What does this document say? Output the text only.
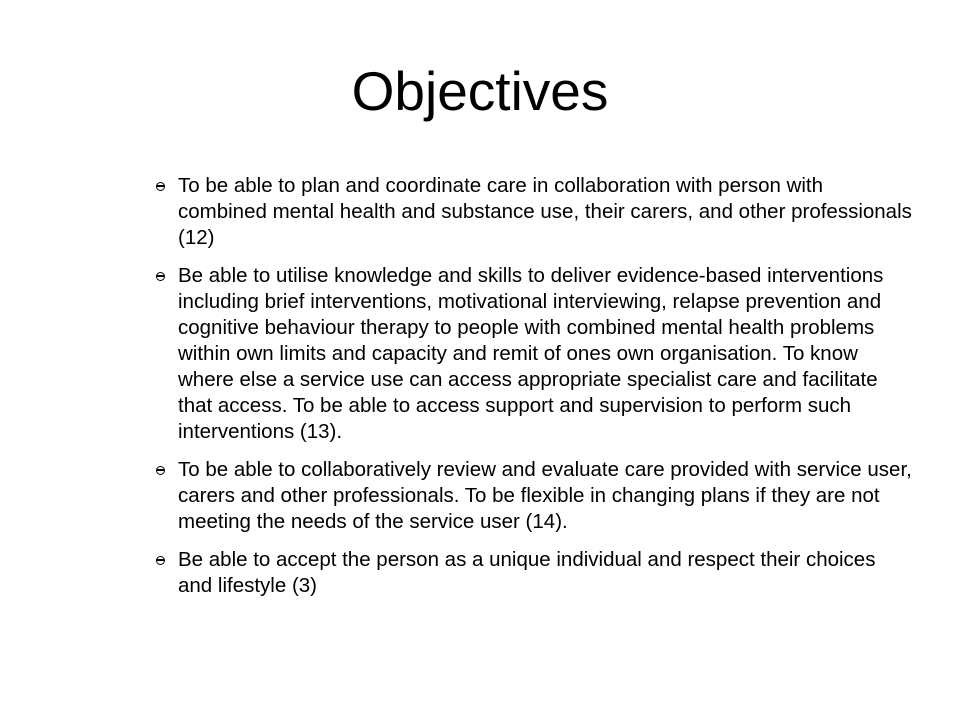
Objectives
To be able to plan and coordinate care in collaboration with person with combined mental health and substance use, their carers, and other professionals (12)
Be able to utilise knowledge and skills to deliver evidence-based interventions including brief interventions, motivational interviewing, relapse prevention and cognitive behaviour therapy to people with combined mental health problems within own limits and capacity and remit of ones own organisation. To know where else a service use can access appropriate specialist care and facilitate that access. To be able to access support and supervision to perform such interventions (13).
To be able to collaboratively review and evaluate care provided with service user, carers and other professionals. To be flexible in changing plans if they are not meeting the needs of the service user (14).
Be able to accept the person as a unique individual and respect their choices and lifestyle (3)
